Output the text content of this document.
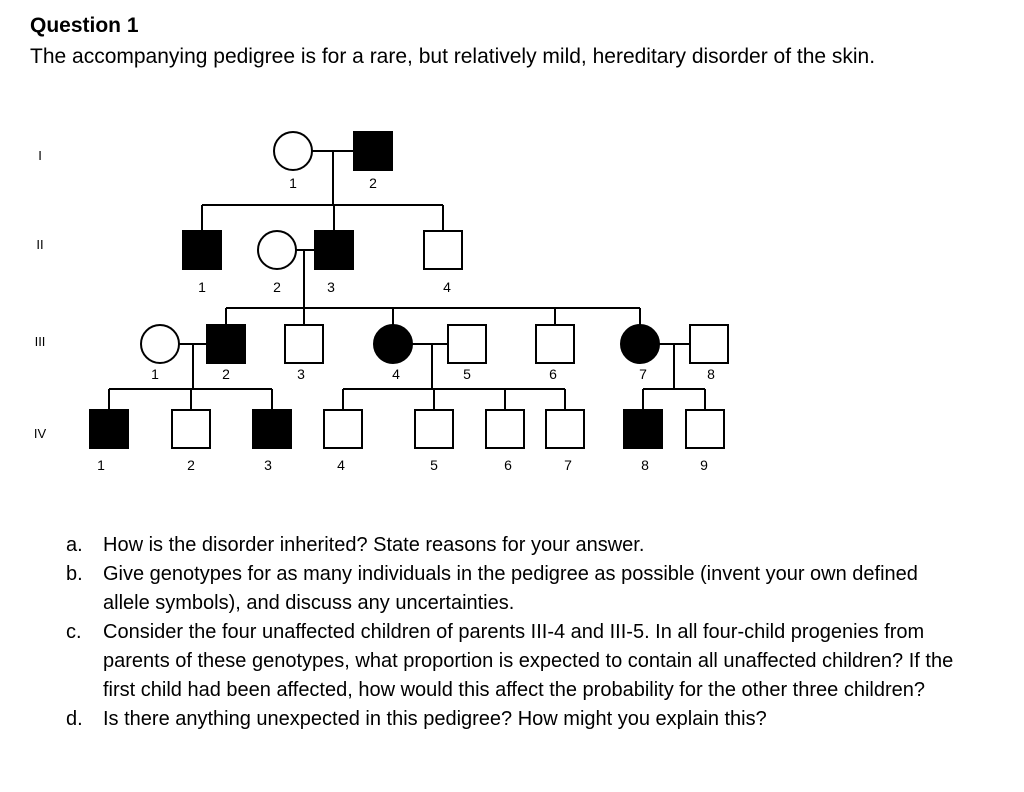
Question 1

The accompanying pedigree is for a rare, but relatively mild, hereditary disorder of the skin.

I
II
III
IV
1	2
1	2	3	4
1	2	3	4	5	6	7	8
1	2	3	4	5	6	7	8	9
a. How is the disorder inherited? State reasons for your answer.
b. Give genotypes for as many individuals in the pedigree as possible (invent your own defined allele symbols), and discuss any uncertainties.
c. Consider the four unaffected children of parents III-4 and III-5. In all four-child progenies from parents of these genotypes, what proportion is expected to contain all unaffected children? If the first child had been affected, how would this affect the probability for the other three children?
d. Is there anything unexpected in this pedigree? How might you explain this?
